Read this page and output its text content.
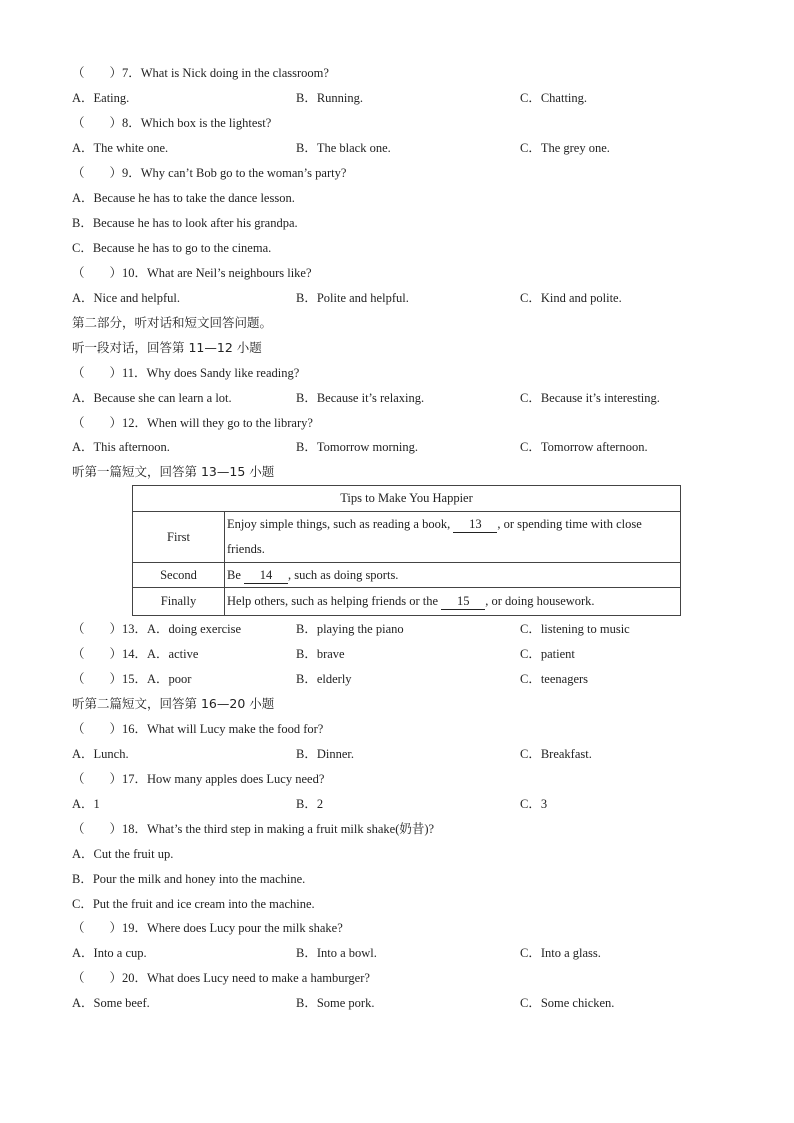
（　　）7．What is Nick doing in the classroom?
A．Eating.	B．Running.	C．Chatting.
（　　）8．Which box is the lightest?
A．The white one.	B．The black one.	C．The grey one.
（　　）9．Why can’t Bob go to the woman’s party?
A．Because he has to take the dance lesson.
B．Because he has to look after his grandpa.
C．Because he has to go to the cinema.
（　　）10．What are Neil’s neighbours like?
A．Nice and helpful.	B．Polite and helpful.	C．Kind and polite.
第二部分，听对话和短文回答问题。
听一段对话，回答第 11—12 小题
（　　）11．Why does Sandy like reading?
A．Because she can learn a lot.	B．Because it’s relaxing.	C．Because it’s interesting.
（　　）12．When will they go to the library?
A．This afternoon.	B．Tomorrow morning.	C．Tomorrow afternoon.
听第一篇短文，回答第 13—15 小题
Tips to Make You Happier	
First	Enjoy simple things, such as reading a book, 13 , or spending time with close friends.
Second	Be 14 , such as doing sports.
Finally	Help others, such as helping friends or the 15 , or doing housework.
（　　）13．A．doing exercise	B．playing the piano	C．listening to music
（　　）14．A．active	B．brave	C．patient
（　　）15．A．poor	B．elderly	C．teenagers
听第二篇短文，回答第 16—20 小题
（　　）16．What will Lucy make the food for?
A．Lunch.	B．Dinner.	C．Breakfast.
（　　）17．How many apples does Lucy need?
A．1	B．2	C．3
（　　）18．What’s the third step in making a fruit milk shake(奶昔)?
A．Cut the fruit up.
B．Pour the milk and honey into the machine.
C．Put the fruit and ice cream into the machine.
（　　）19．Where does Lucy pour the milk shake?
A．Into a cup.	B．Into a bowl.	C．Into a glass.
（　　）20．What does Lucy need to make a hamburger?
A．Some beef.	B．Some pork.	C．Some chicken.
